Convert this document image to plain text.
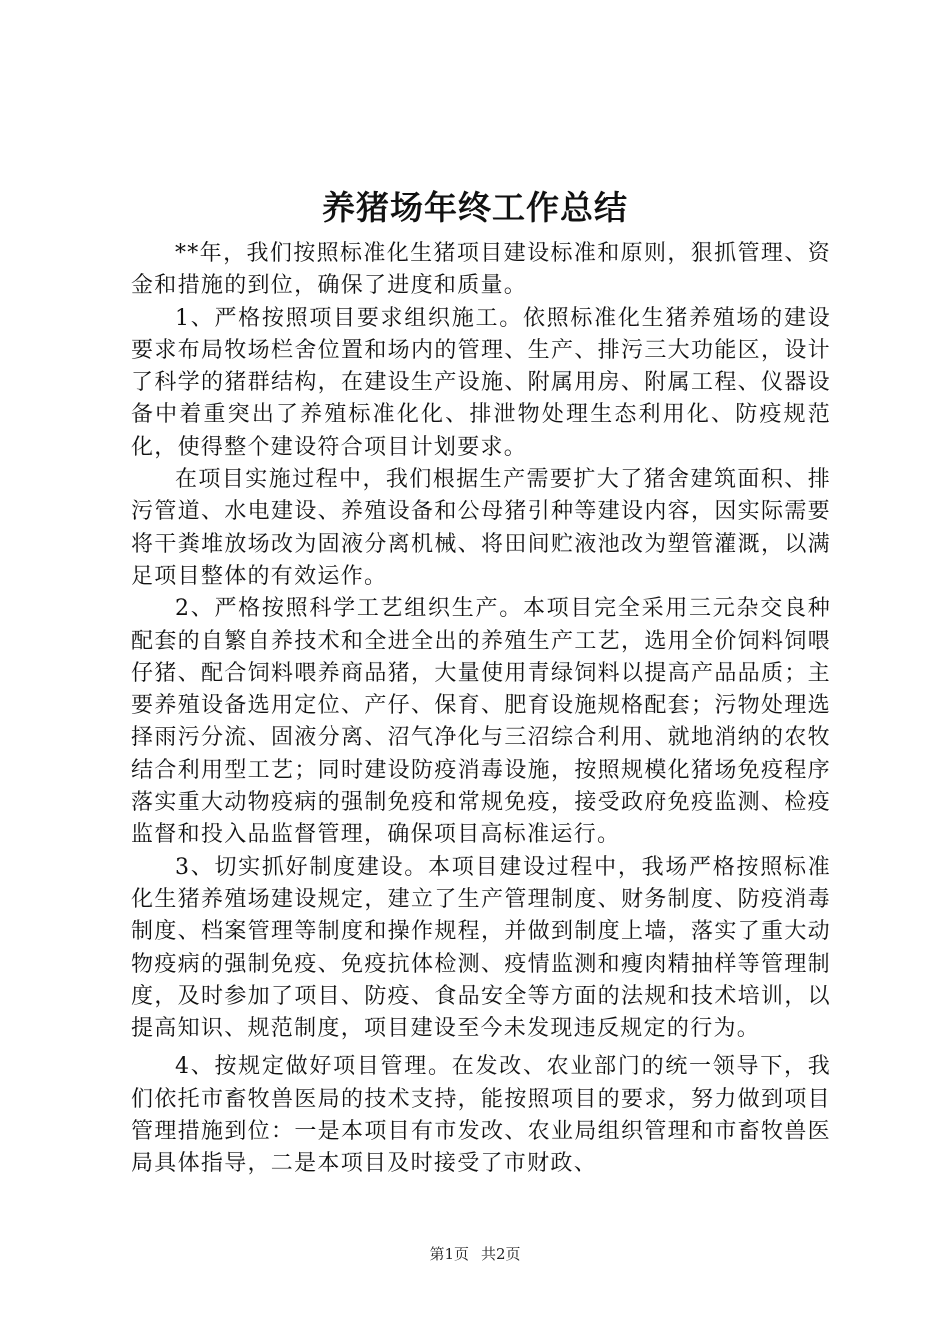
养猪场年终工作总结

**年，我们按照标准化生猪项目建设标准和原则，狠抓管理、资金和措施的到位，确保了进度和质量。

1、严格按照项目要求组织施工。依照标准化生猪养殖场的建设要求布局牧场栏舍位置和场内的管理、生产、排污三大功能区，设计了科学的猪群结构，在建设生产设施、附属用房、附属工程、仪器设备中着重突出了养殖标准化化、排泄物处理生态利用化、防疫规范化，使得整个建设符合项目计划要求。

在项目实施过程中，我们根据生产需要扩大了猪舍建筑面积、排污管道、水电建设、养殖设备和公母猪引种等建设内容，因实际需要将干粪堆放场改为固液分离机械、将田间贮液池改为塑管灌溉，以满足项目整体的有效运作。

2、严格按照科学工艺组织生产。本项目完全采用三元杂交良种配套的自繁自养技术和全进全出的养殖生产工艺，选用全价饲料饲喂仔猪、配合饲料喂养商品猪，大量使用青绿饲料以提高产品品质；主要养殖设备选用定位、产仔、保育、肥育设施规格配套；污物处理选择雨污分流、固液分离、沼气净化与三沼综合利用、就地消纳的农牧结合利用型工艺；同时建设防疫消毒设施，按照规模化猪场免疫程序落实重大动物疫病的强制免疫和常规免疫，接受政府免疫监测、检疫监督和投入品监督管理，确保项目高标准运行。

3、切实抓好制度建设。本项目建设过程中，我场严格按照标准化生猪养殖场建设规定，建立了生产管理制度、财务制度、防疫消毒制度、档案管理等制度和操作规程，并做到制度上墙，落实了重大动物疫病的强制免疫、免疫抗体检测、疫情监测和瘦肉精抽样等管理制度，及时参加了项目、防疫、食品安全等方面的法规和技术培训，以提高知识、规范制度，项目建设至今未发现违反规定的行为。

4、按规定做好项目管理。在发改、农业部门的统一领导下，我们依托市畜牧兽医局的技术支持，能按照项目的要求，努力做到项目管理措施到位：一是本项目有市发改、农业局组织管理和市畜牧兽医局具体指导，二是本项目及时接受了市财政、

第1页 共2页
